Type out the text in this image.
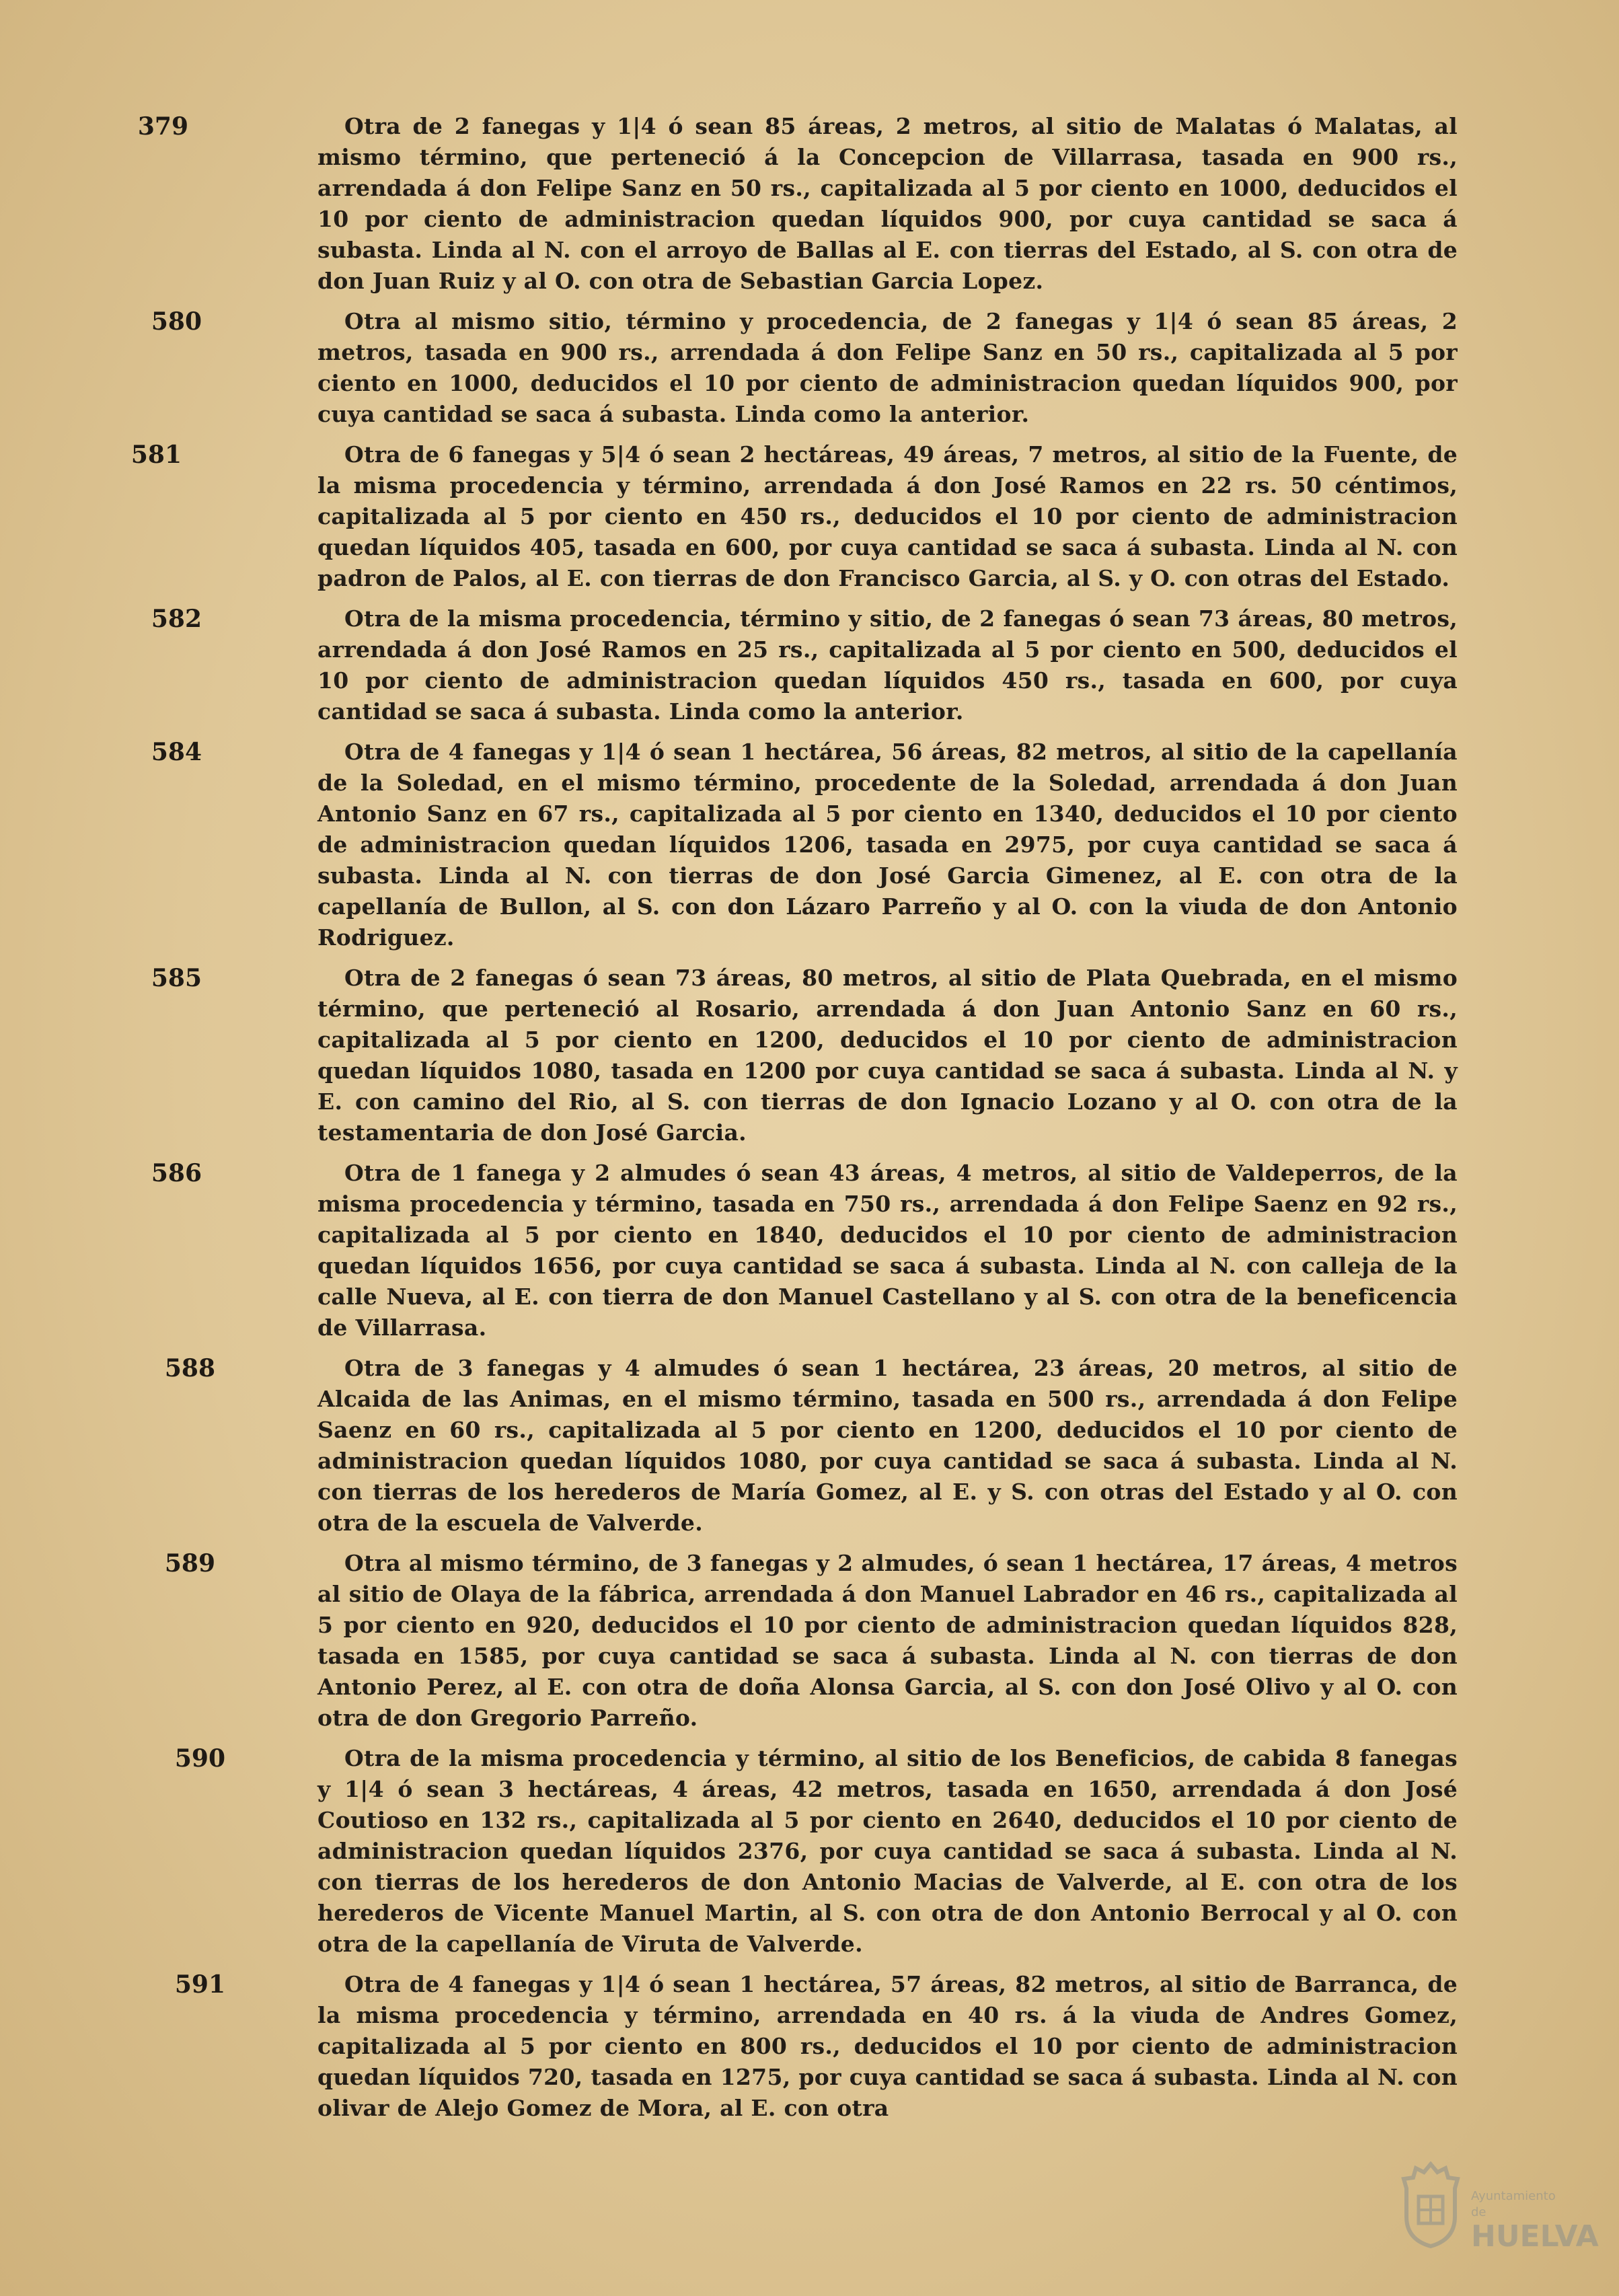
379	Otra de 2 fanegas y 1|4 ó sean 85 áreas, 2 metros, al sitio de Malatas ó Malatas, al mismo término, que perteneció á la Concepcion de Villarrasa, tasada en 900 rs., arrendada á don Felipe Sanz en 50 rs., capitalizada al 5 por ciento en 1000, deducidos el 10 por ciento de administracion quedan líquidos 900, por cuya cantidad se saca á subasta. Linda al N. con el arroyo de Ballas al E. con tierras del Estado, al S. con otra de don Juan Ruiz y al O. con otra de Sebastian Garcia Lopez.
580	Otra al mismo sitio, término y procedencia, de 2 fanegas y 1|4 ó sean 85 áreas, 2 metros, tasada en 900 rs., arrendada á don Felipe Sanz en 50 rs., capitalizada al 5 por ciento en 1000, deducidos el 10 por ciento de administracion quedan líquidos 900, por cuya cantidad se saca á subasta. Linda como la anterior.
581	Otra de 6 fanegas y 5|4 ó sean 2 hectáreas, 49 áreas, 7 metros, al sitio de la Fuente, de la misma procedencia y término, arrendada á don José Ramos en 22 rs. 50 céntimos, capitalizada al 5 por ciento en 450 rs., deducidos el 10 por ciento de administracion quedan líquidos 405, tasada en 600, por cuya cantidad se saca á subasta. Linda al N. con padron de Palos, al E. con tierras de don Francisco Garcia, al S. y O. con otras del Estado.
582	Otra de la misma procedencia, término y sitio, de 2 fanegas ó sean 73 áreas, 80 metros, arrendada á don José Ramos en 25 rs., capitalizada al 5 por ciento en 500, deducidos el 10 por ciento de administracion quedan líquidos 450 rs., tasada en 600, por cuya cantidad se saca á subasta. Linda como la anterior.
584	Otra de 4 fanegas y 1|4 ó sean 1 hectárea, 56 áreas, 82 metros, al sitio de la capellanía de la Soledad, en el mismo término, procedente de la Soledad, arrendada á don Juan Antonio Sanz en 67 rs., capitalizada al 5 por ciento en 1340, deducidos el 10 por ciento de administracion quedan líquidos 1206, tasada en 2975, por cuya cantidad se saca á subasta. Linda al N. con tierras de don José Garcia Gimenez, al E. con otra de la capellanía de Bullon, al S. con don Lázaro Parreño y al O. con la viuda de don Antonio Rodriguez.
585	Otra de 2 fanegas ó sean 73 áreas, 80 metros, al sitio de Plata Quebrada, en el mismo término, que perteneció al Rosario, arrendada á don Juan Antonio Sanz en 60 rs., capitalizada al 5 por ciento en 1200, deducidos el 10 por ciento de administracion quedan líquidos 1080, tasada en 1200 por cuya cantidad se saca á subasta. Linda al N. y E. con camino del Rio, al S. con tierras de don Ignacio Lozano y al O. con otra de la testamentaria de don José Garcia.
586	Otra de 1 fanega y 2 almudes ó sean 43 áreas, 4 metros, al sitio de Valdeperros, de la misma procedencia y término, tasada en 750 rs., arrendada á don Felipe Saenz en 92 rs., capitalizada al 5 por ciento en 1840, deducidos el 10 por ciento de administracion quedan líquidos 1656, por cuya cantidad se saca á subasta. Linda al N. con calleja de la calle Nueva, al E. con tierra de don Manuel Castellano y al S. con otra de la beneficencia de Villarrasa.
588	Otra de 3 fanegas y 4 almudes ó sean 1 hectárea, 23 áreas, 20 metros, al sitio de Alcaida de las Animas, en el mismo término, tasada en 500 rs., arrendada á don Felipe Saenz en 60 rs., capitalizada al 5 por ciento en 1200, deducidos el 10 por ciento de administracion quedan líquidos 1080, por cuya cantidad se saca á subasta. Linda al N. con tierras de los herederos de María Gomez, al E. y S. con otras del Estado y al O. con otra de la escuela de Valverde.
589	Otra al mismo término, de 3 fanegas y 2 almudes, ó sean 1 hectárea, 17 áreas, 4 metros al sitio de Olaya de la fábrica, arrendada á don Manuel Labrador en 46 rs., capitalizada al 5 por ciento en 920, deducidos el 10 por ciento de administracion quedan líquidos 828, tasada en 1585, por cuya cantidad se saca á subasta. Linda al N. con tierras de don Antonio Perez, al E. con otra de doña Alonsa Garcia, al S. con don José Olivo y al O. con otra de don Gregorio Parreño.
590	Otra de la misma procedencia y término, al sitio de los Beneficios, de cabida 8 fanegas y 1|4 ó sean 3 hectáreas, 4 áreas, 42 metros, tasada en 1650, arrendada á don José Coutioso en 132 rs., capitalizada al 5 por ciento en 2640, deducidos el 10 por ciento de administracion quedan líquidos 2376, por cuya cantidad se saca á subasta. Linda al N. con tierras de los herederos de don Antonio Macias de Valverde, al E. con otra de los herederos de Vicente Manuel Martin, al S. con otra de don Antonio Berrocal y al O. con otra de la capellanía de Viruta de Valverde.
591	Otra de 4 fanegas y 1|4 ó sean 1 hectárea, 57 áreas, 82 metros, al sitio de Barranca, de la misma procedencia y término, arrendada en 40 rs. á la viuda de Andres Gomez, capitalizada al 5 por ciento en 800 rs., deducidos el 10 por ciento de administracion quedan líquidos 720, tasada en 1275, por cuya cantidad se saca á subasta. Linda al N. con olivar de Alejo Gomez de Mora, al E. con otra
Ayuntamiento de
HUELVA
